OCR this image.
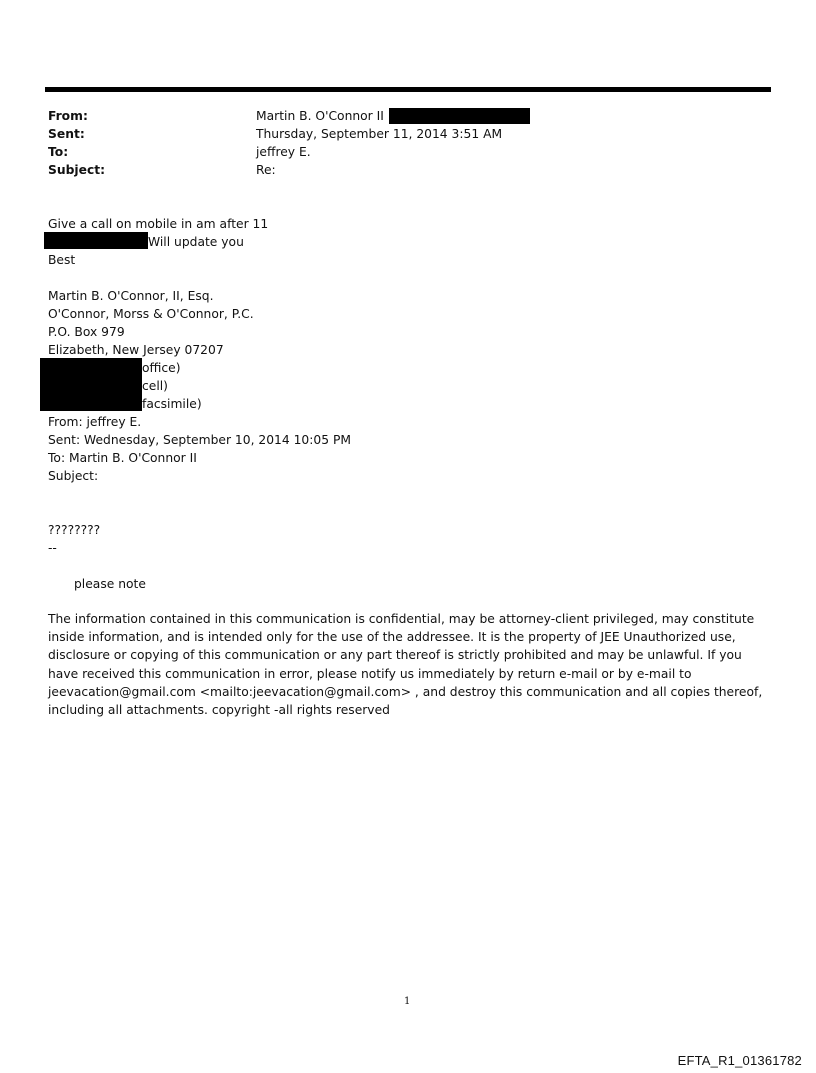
From:	Martin B. O'Connor II
Sent:	Thursday, September 11, 2014 3:51 AM
To:	jeffrey E.
Subject:	Re:
Give a call on mobile in am after 11
Will update you
Best
Martin B. O'Connor, II, Esq.
O'Connor, Morss & O'Connor, P.C.
P.O. Box 979
Elizabeth, New Jersey 07207
office)
cell)
facsimile)
From: jeffrey E.
Sent: Wednesday, September 10, 2014 10:05 PM
To: Martin B. O'Connor II
Subject:
????????
--
please note
The information contained in this communication is confidential, may be attorney-client privileged, may constitute inside information, and is intended only for the use of the addressee. It is the property of JEE Unauthorized use, disclosure or copying of this communication or any part thereof is strictly prohibited and may be unlawful. If you have received this communication in error, please notify us immediately by return e-mail or by e-mail to jeevacation@gmail.com <mailto:jeevacation@gmail.com> , and destroy this communication and all copies thereof, including all attachments. copyright -all rights reserved
1
EFTA_R1_01361782
